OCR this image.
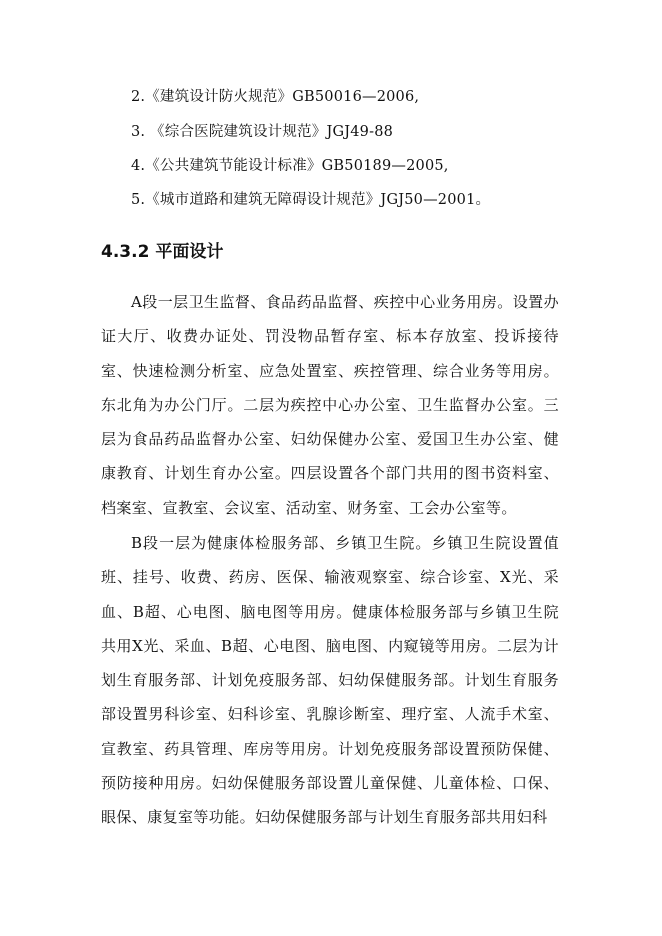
2.《建筑设计防火规范》GB50016—2006,
3. 《综合医院建筑设计规范》JGJ49-88
4.《公共建筑节能设计标准》GB50189—2005,
5.《城市道路和建筑无障碍设计规范》JGJ50—2001。
4.3.2 平面设计

A段一层卫生监督、食品药品监督、疾控中心业务用房。设置办证大厅、收费办证处、罚没物品暂存室、标本存放室、投诉接待室、快速检测分析室、应急处置室、疾控管理、综合业务等用房。东北角为办公门厅。二层为疾控中心办公室、卫生监督办公室。三层为食品药品监督办公室、妇幼保健办公室、爱国卫生办公室、健康教育、计划生育办公室。四层设置各个部门共用的图书资料室、档案室、宣教室、会议室、活动室、财务室、工会办公室等。

B段一层为健康体检服务部、乡镇卫生院。乡镇卫生院设置值班、挂号、收费、药房、医保、输液观察室、综合诊室、X光、采血、B超、心电图、脑电图等用房。健康体检服务部与乡镇卫生院共用X光、采血、B超、心电图、脑电图、内窥镜等用房。二层为计划生育服务部、计划免疫服务部、妇幼保健服务部。计划生育服务部设置男科诊室、妇科诊室、乳腺诊断室、理疗室、人流手术室、宣教室、药具管理、库房等用房。计划免疫服务部设置预防保健、预防接种用房。妇幼保健服务部设置儿童保健、儿童体检、口保、眼保、康复室等功能。妇幼保健服务部与计划生育服务部共用妇科
